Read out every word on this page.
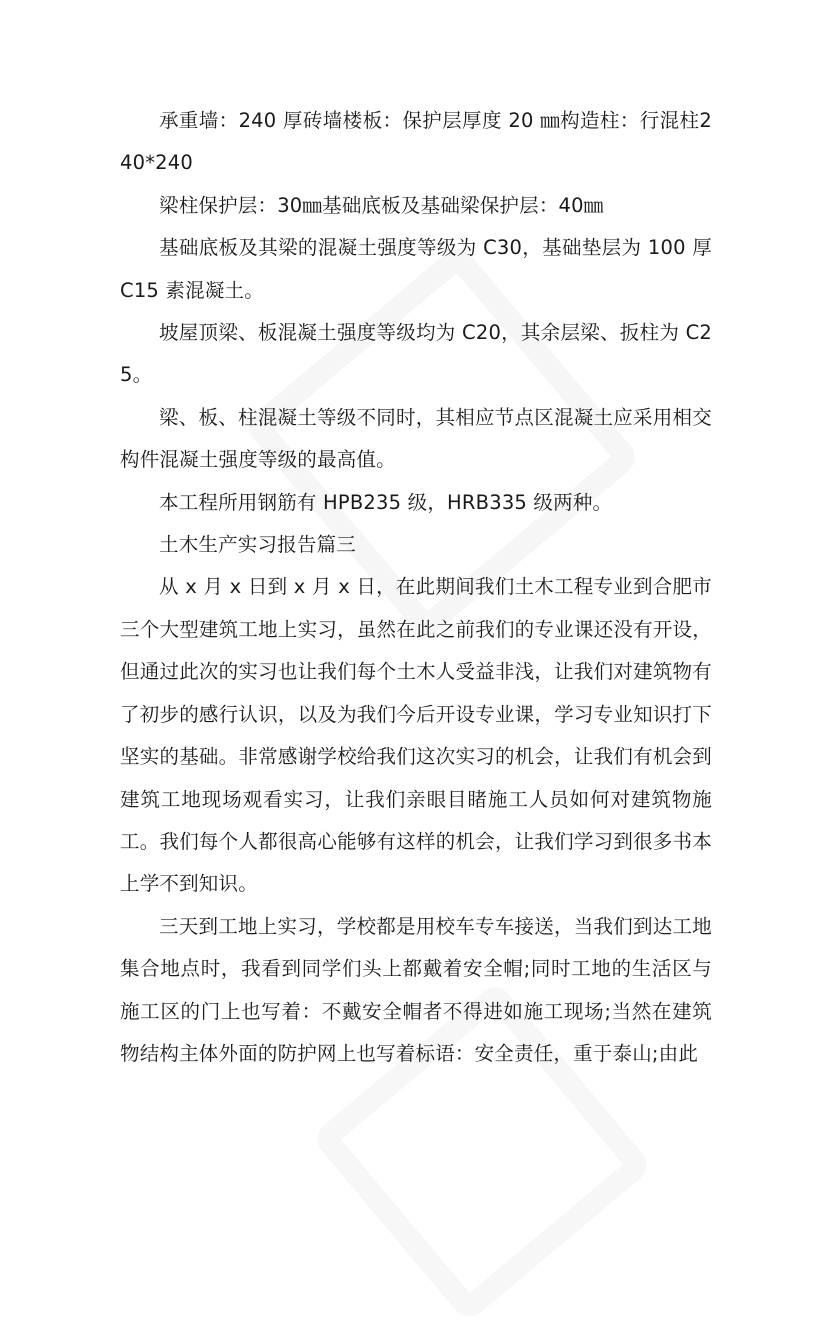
承重墙：240 厚砖墙楼板：保护层厚度 20 ㎜构造柱：行混柱240*240

梁柱保护层：30㎜基础底板及基础梁保护层：40㎜

基础底板及其梁的混凝土强度等级为 C30，基础垫层为 100 厚 C15 素混凝土。

坡屋顶梁、板混凝土强度等级均为 C20，其余层梁、扳柱为 C25。

梁、板、柱混凝土等级不同时，其相应节点区混凝土应采用相交构件混凝土强度等级的最高值。

本工程所用钢筋有 HPB235 级，HRB335 级两种。

土木生产实习报告篇三

从 x 月 x 日到 x 月 x 日，在此期间我们土木工程专业到合肥市三个大型建筑工地上实习，虽然在此之前我们的专业课还没有开设，但通过此次的实习也让我们每个土木人受益非浅，让我们对建筑物有了初步的感行认识，以及为我们今后开设专业课，学习专业知识打下坚实的基础。非常感谢学校给我们这次实习的机会，让我们有机会到建筑工地现场观看实习，让我们亲眼目睹施工人员如何对建筑物施工。我们每个人都很高心能够有这样的机会，让我们学习到很多书本上学不到知识。

三天到工地上实习，学校都是用校车专车接送，当我们到达工地集合地点时，我看到同学们头上都戴着安全帽;同时工地的生活区与施工区的门上也写着：不戴安全帽者不得进如施工现场;当然在建筑物结构主体外面的防护网上也写着标语：安全责任，重于泰山;由此
